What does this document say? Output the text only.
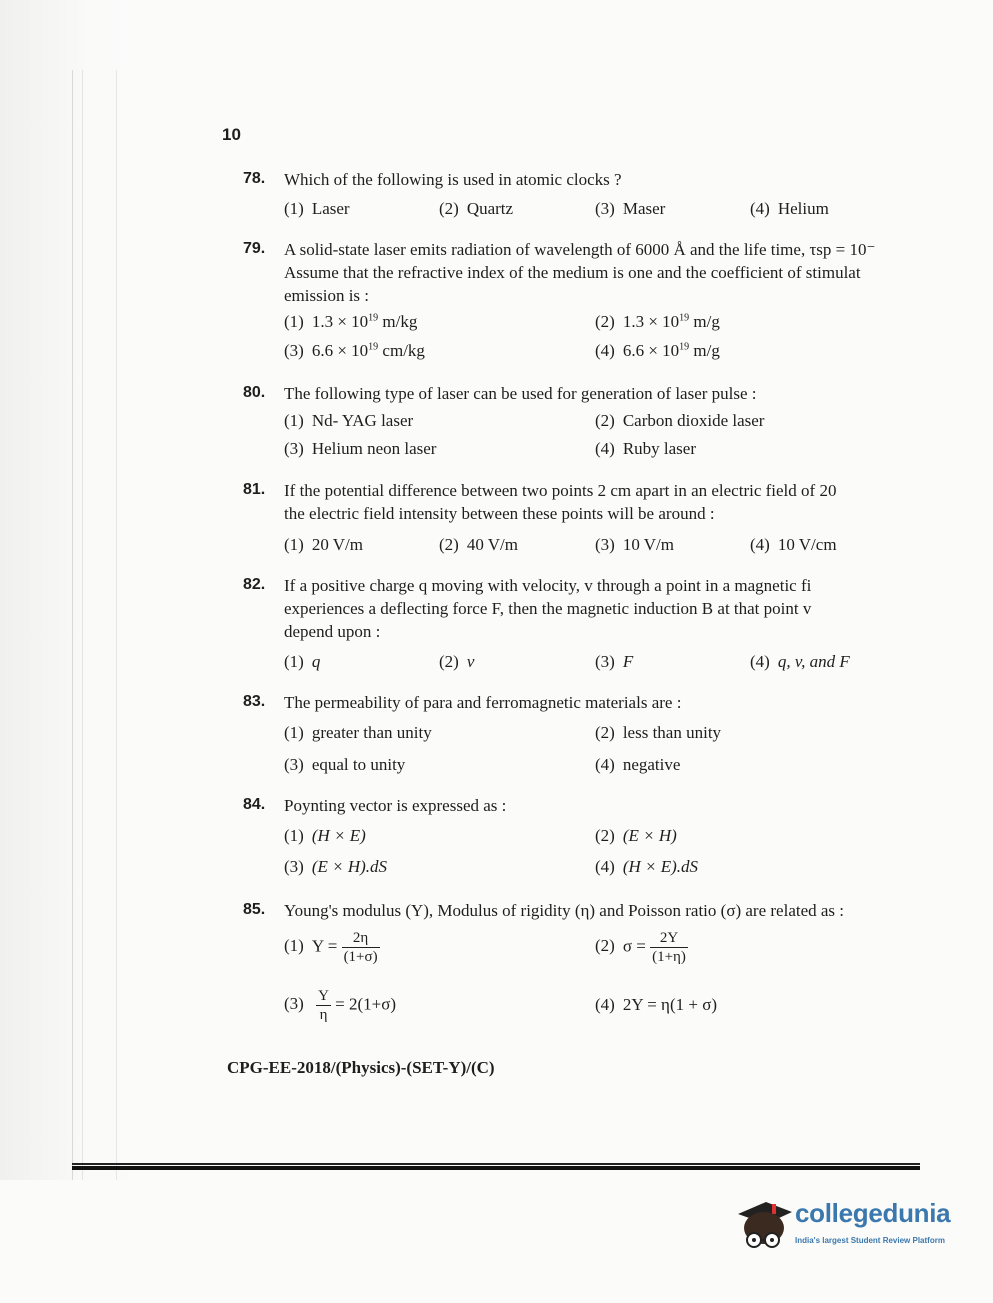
10
78. Which of the following is used in atomic clocks ?
(1) Laser	(2) Quartz	(3) Maser	(4) Helium
79. A solid-state laser emits radiation of wavelength of 6000 Å and the life time, τsp = 10⁻
Assume that the refractive index of the medium is one and the coefficient of stimulat
emission is :
(1) $1.3 \times 10^{19}$ m/kg	(2) $1.3 \times 10^{19}$ m/g
(3) $6.6 \times 10^{19}$ cm/kg	(4) $6.6 \times 10^{19}$ m/g
80. The following type of laser can be used for generation of laser pulse :
(1) Nd- YAG laser	(2) Carbon dioxide laser
(3) Helium neon laser	(4) Ruby laser
81. If the potential difference between two points 2 cm apart in an electric field of 20
the electric field intensity between these points will be around :
(1) 20 V/m	(2) 40 V/m	(3) 10 V/m	(4) 10 V/cm
82. If a positive charge q moving with velocity, v through a point in a magnetic fi
experiences a deflecting force F, then the magnetic induction B at that point v
depend upon :
(1) q	(2) v	(3) F	(4) q, v, and F
83. The permeability of para and ferromagnetic materials are :
(1) greater than unity	(2) less than unity
(3) equal to unity	(4) negative
84. Poynting vector is expressed as :
(1) (H × E)	(2) (E × H)
(3) (E × H).dS	(4) (H × E).dS
85. Young's modulus (Y), Modulus of rigidity (η) and Poisson ratio (σ) are related as :
(1) $Y = \frac{2\eta}{(1+\sigma)}$	(2) $\sigma = \frac{2Y}{(1+\eta)}$
$(3) \frac{Y}{\eta} = 2(1+\sigma)$	(4) 2Y = η(1 + σ)
CPG-EE-2018/(Physics)-(SET-Y)/(C)
collegedunia
India's largest Student Review Platform
